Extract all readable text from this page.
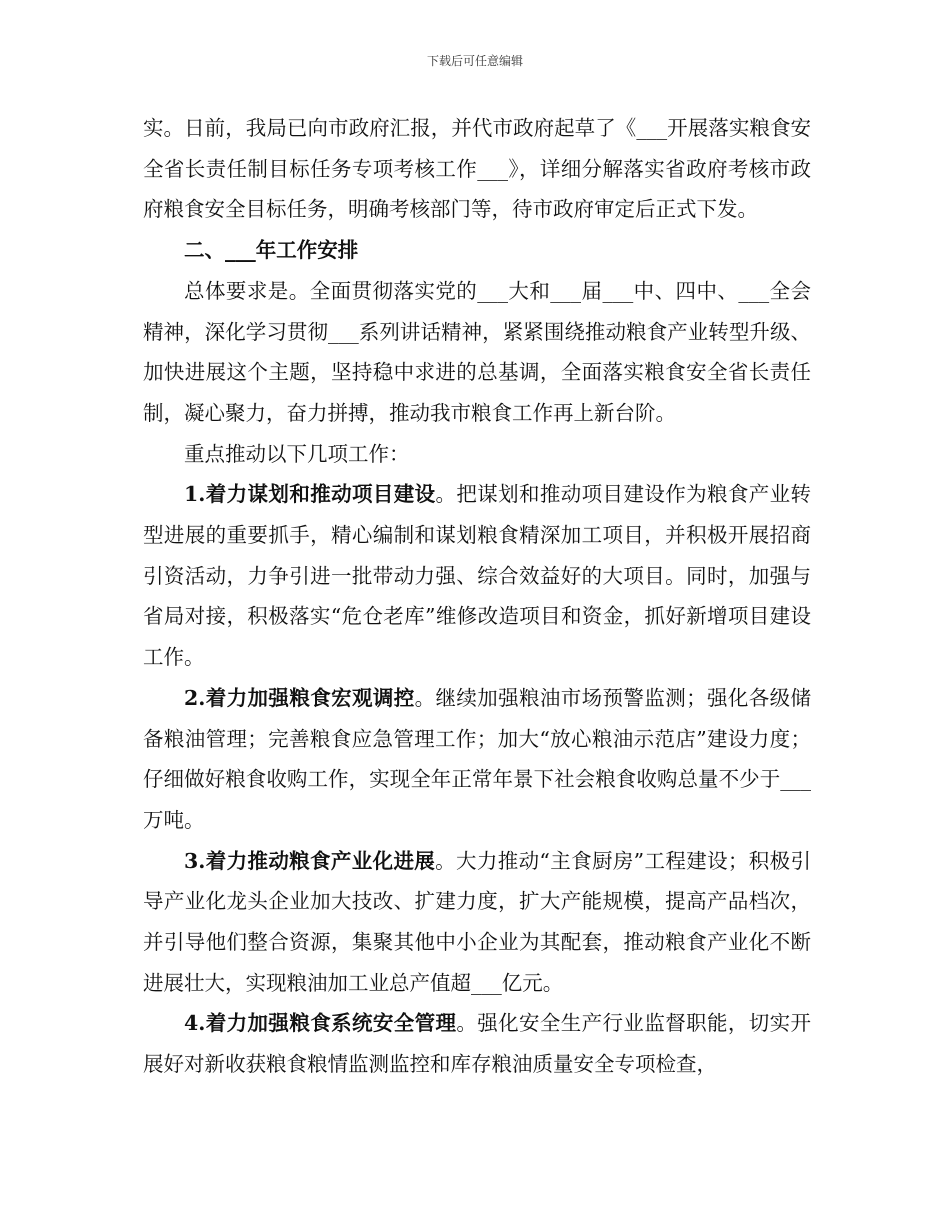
下载后可任意编辑

实。日前，我局已向市政府汇报，并代市政府起草了《___开展落实粮食安全省长责任制目标任务专项考核工作___》，详细分解落实省政府考核市政府粮食安全目标任务，明确考核部门等，待市政府审定后正式下发。

二、___年工作安排

总体要求是。全面贯彻落实党的___大和___届___中、四中、___全会精神，深化学习贯彻___系列讲话精神，紧紧围绕推动粮食产业转型升级、加快进展这个主题，坚持稳中求进的总基调，全面落实粮食安全省长责任制，凝心聚力，奋力拼搏，推动我市粮食工作再上新台阶。

重点推动以下几项工作：

1.着力谋划和推动项目建设。把谋划和推动项目建设作为粮食产业转型进展的重要抓手，精心编制和谋划粮食精深加工项目，并积极开展招商引资活动，力争引进一批带动力强、综合效益好的大项目。同时，加强与省局对接，积极落实“危仓老库”维修改造项目和资金，抓好新增项目建设工作。

2.着力加强粮食宏观调控。继续加强粮油市场预警监测；强化各级储备粮油管理；完善粮食应急管理工作；加大“放心粮油示范店”建设力度；仔细做好粮食收购工作，实现全年正常年景下社会粮食收购总量不少于___万吨。

3.着力推动粮食产业化进展。大力推动“主食厨房”工程建设；积极引导产业化龙头企业加大技改、扩建力度，扩大产能规模，提高产品档次，并引导他们整合资源，集聚其他中小企业为其配套，推动粮食产业化不断进展壮大，实现粮油加工业总产值超___亿元。

4.着力加强粮食系统安全管理。强化安全生产行业监督职能，切实开展好对新收获粮食粮情监测监控和库存粮油质量安全专项检查，
